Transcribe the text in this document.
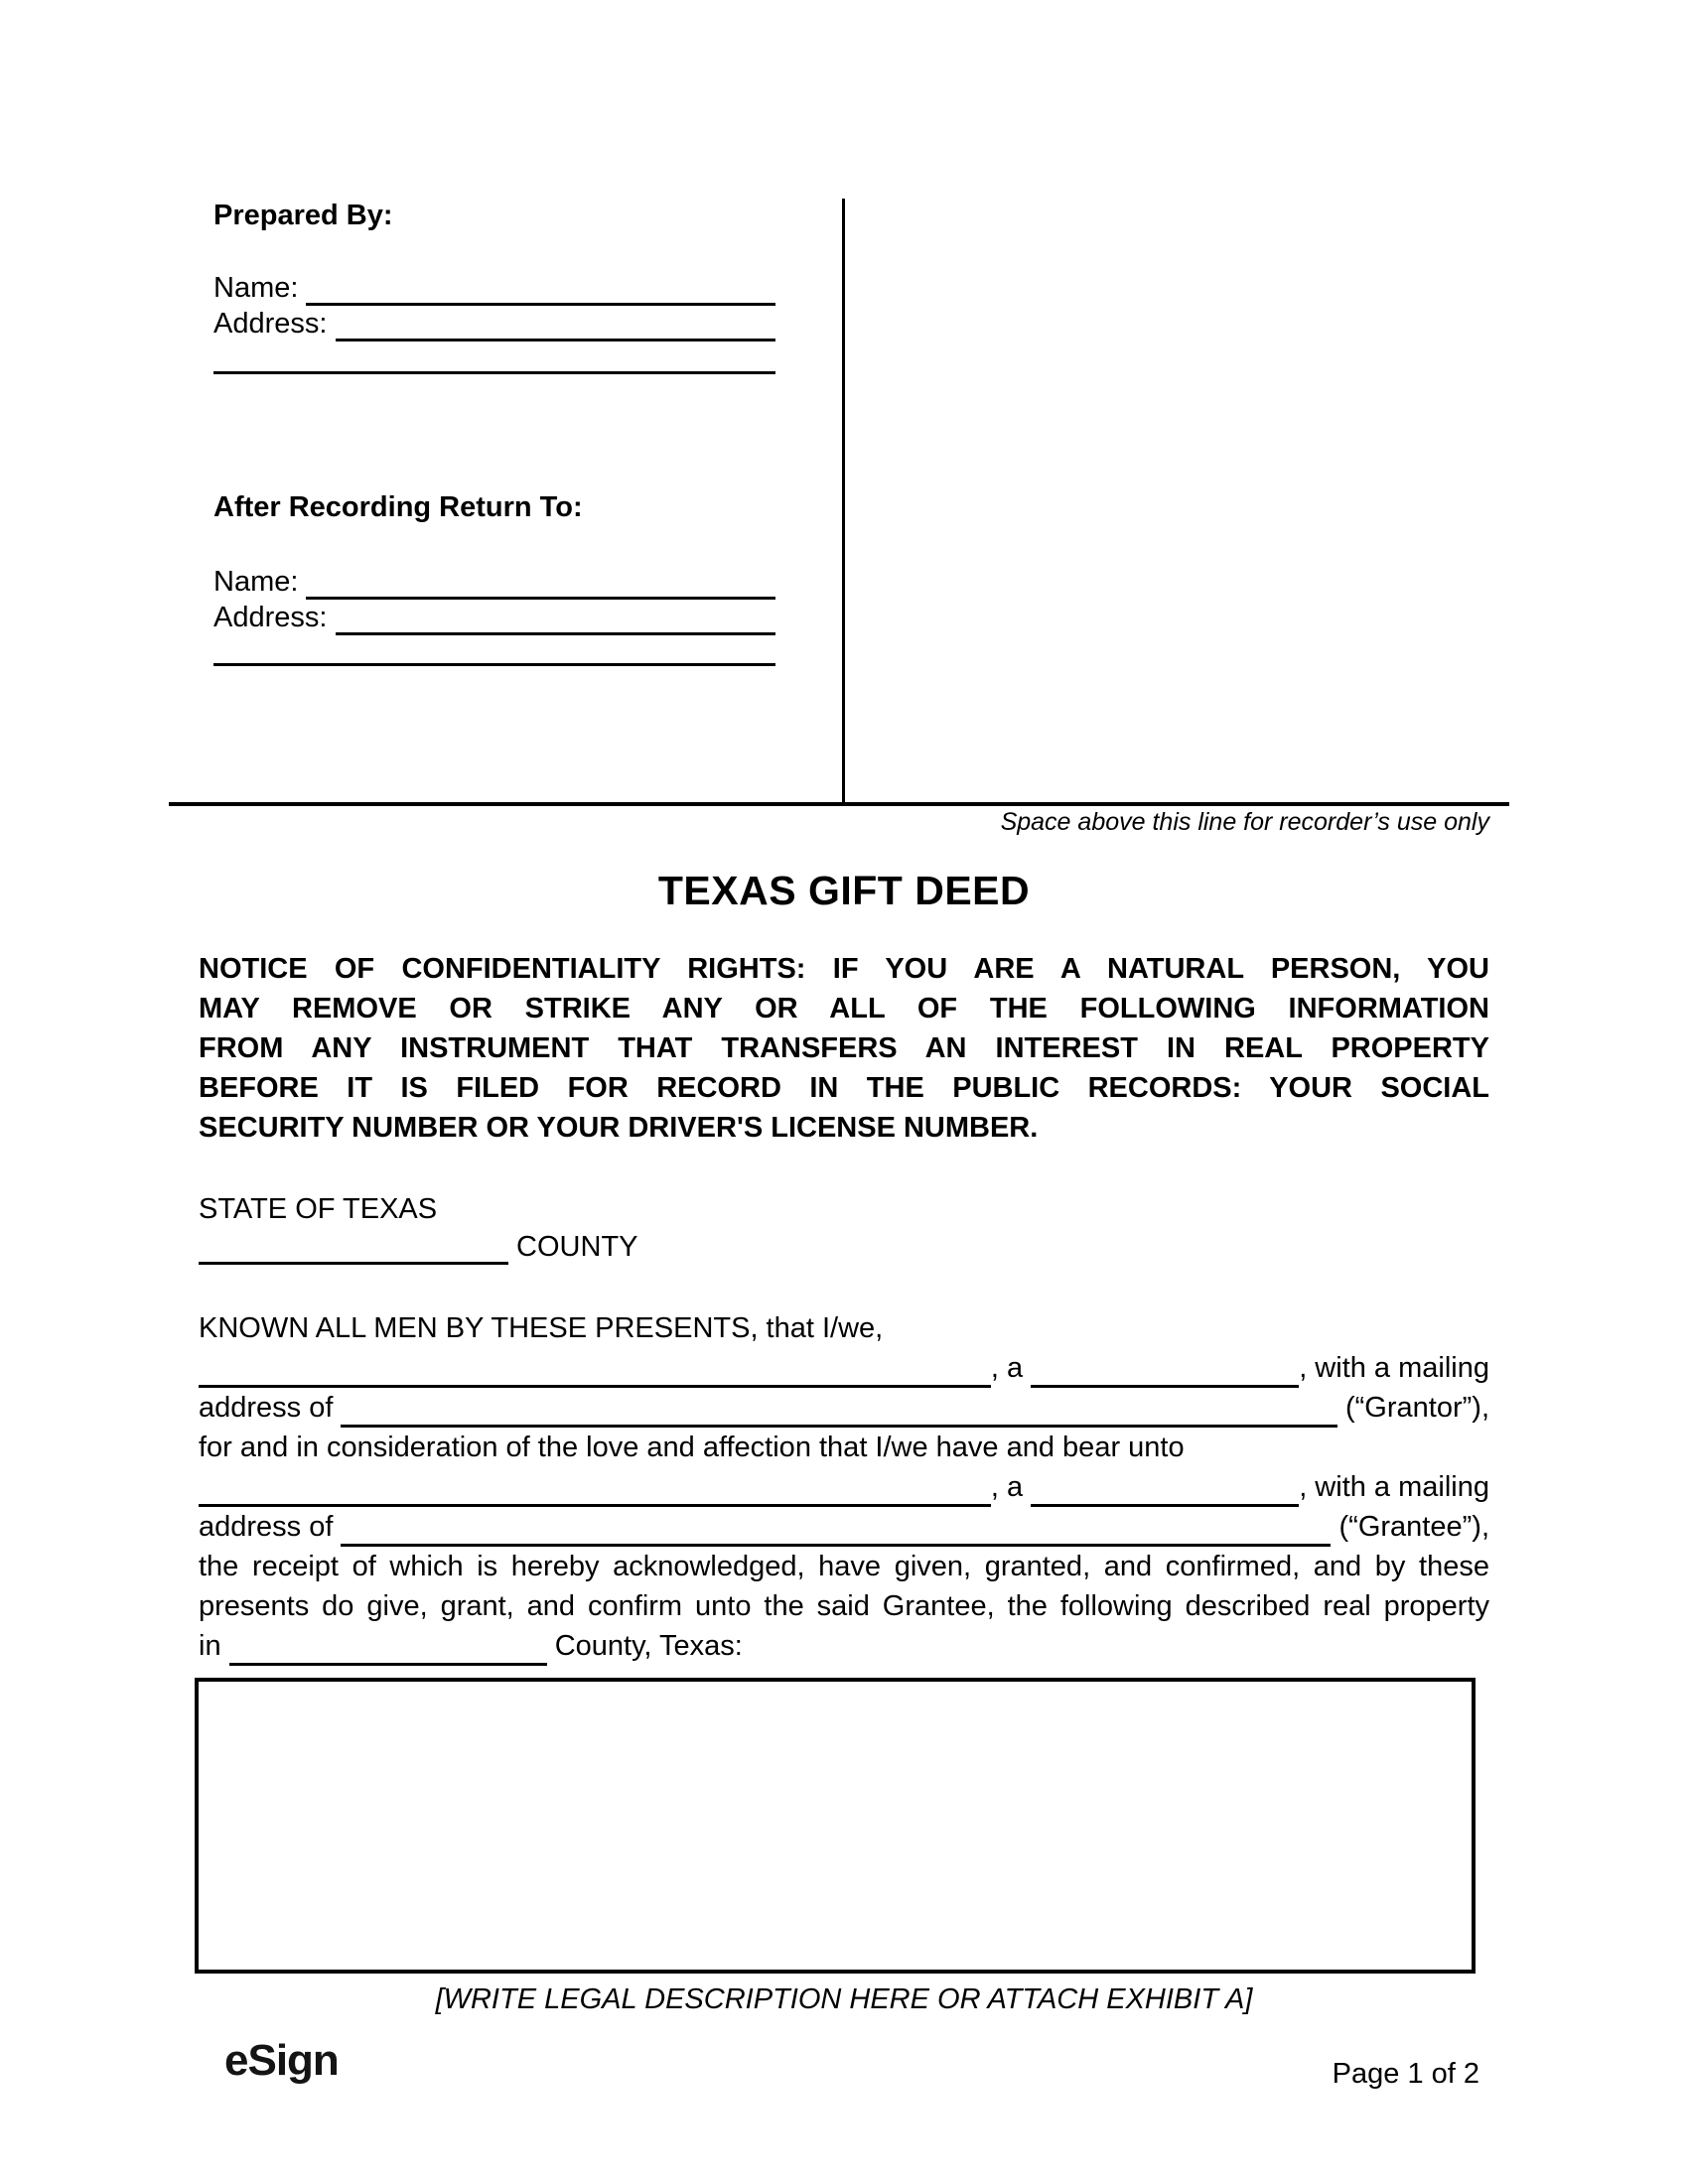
Prepared By:
Name:
Address:
After Recording Return To:
Name:
Address:
Space above this line for recorder’s use only
TEXAS GIFT DEED
NOTICE OF CONFIDENTIALITY RIGHTS: IF YOU ARE A NATURAL PERSON, YOU
MAY REMOVE OR STRIKE ANY OR ALL OF THE FOLLOWING INFORMATION
FROM ANY INSTRUMENT THAT TRANSFERS AN INTEREST IN REAL PROPERTY
BEFORE IT IS FILED FOR RECORD IN THE PUBLIC RECORDS: YOUR SOCIAL
SECURITY NUMBER OR YOUR DRIVER'S LICENSE NUMBER.
STATE OF TEXAS
COUNTY
KNOWN ALL MEN BY THESE PRESENTS, that I/we,
, a	, with a mailing
address of	(“Grantor”),
for and in consideration of the love and affection that I/we have and bear unto
, a	, with a mailing
address of	(“Grantee”),
the receipt of which is hereby acknowledged, have given, granted, and confirmed, and by these
presents do give, grant, and confirm unto the said Grantee, the following described real property
in	County, Texas:
[WRITE LEGAL DESCRIPTION HERE OR ATTACH EXHIBIT A]
eSign	Page 1 of 2
